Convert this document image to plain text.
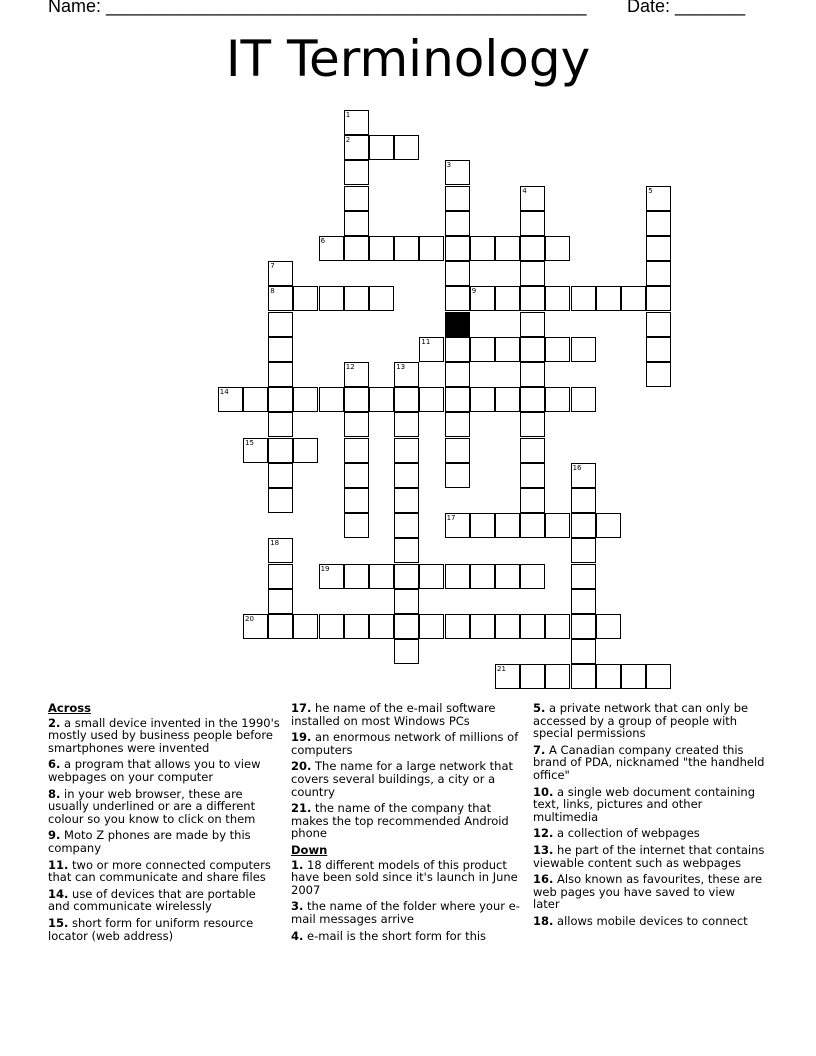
Name: ________________________________________________ Date: _______
IT Terminology
2
6
8	9
11
14
15
17
19
20
21
1
3
10
4	5
7
12	13
16
18
Across
2. a small device invented in the 1990's mostly used by business people before smartphones were invented
6. a program that allows you to view webpages on your computer
8. in your web browser, these are usually underlined or are a different colour so you know to click on them
9. Moto Z phones are made by this company
11. two or more connected computers that can communicate and share files
14. use of devices that are portable and communicate wirelessly
15. short form for uniform resource locator (web address)
17. he name of the e-mail software installed on most Windows PCs
19. an enormous network of millions of computers
20. The name for a large network that covers several buildings, a city or a country
21. the name of the company that makes the top recommended Android phone
Down
1. 18 different models of this product have been sold since it's launch in June 2007
3. the name of the folder where your e-mail messages arrive
4. e-mail is the short form for this
5. a private network that can only be accessed by a group of people with special permissions
7. A Canadian company created this brand of PDA, nicknamed "the handheld office"
10. a single web document containing text, links, pictures and other multimedia
12. a collection of webpages
13. he part of the internet that contains viewable content such as webpages
16. Also known as favourites, these are web pages you have saved to view later
18. allows mobile devices to connect
